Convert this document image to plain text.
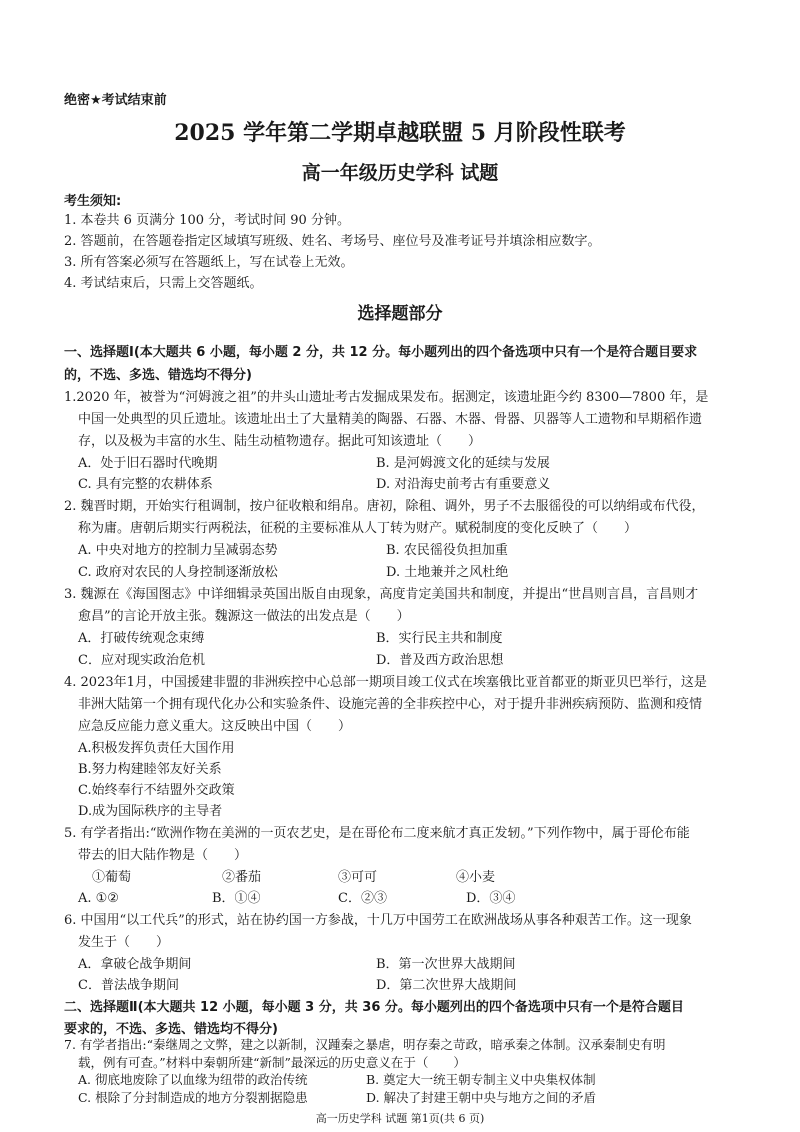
绝密★考试结束前
2025 学年第二学期卓越联盟 5 月阶段性联考
高一年级历史学科 试题
考生须知:
1. 本卷共 6 页满分 100 分，考试时间 90 分钟。
2. 答题前，在答题卷指定区域填写班级、姓名、考场号、座位号及准考证号并填涂相应数字。
3. 所有答案必须写在答题纸上，写在试卷上无效。
4. 考试结束后，只需上交答题纸。
选择题部分
一、选择题Ⅰ(本大题共 6 小题，每小题 2 分，共 12 分。每小题列出的四个备选项中只有一个是符合题目要求
的，不选、多选、错选均不得分)
1.2020 年，被誉为“河姆渡之祖”的井头山遗址考古发掘成果发布。据测定，该遗址距今约 8300—7800 年，是
中国一处典型的贝丘遗址。该遗址出土了大量精美的陶器、石器、木器、骨器、贝器等人工遗物和早期稻作遗
存，以及极为丰富的水生、陆生动植物遗存。据此可知该遗址（　　）
A．处于旧石器时代晚期	B. 是河姆渡文化的延续与发展
C. 具有完整的农耕体系	D. 对沿海史前考古有重要意义
2. 魏晋时期，开始实行租调制，按户征收粮和绢帛。唐初，除租、调外，男子不去服徭役的可以纳绢或布代役，
称为庸。唐朝后期实行两税法，征税的主要标准从人丁转为财产。赋税制度的变化反映了（　　）
A. 中央对地方的控制力呈减弱态势	B. 农民徭役负担加重
C. 政府对农民的人身控制逐渐放松	D. 土地兼并之风杜绝
3. 魏源在《海国图志》中详细辑录英国出版自由现象，高度肯定美国共和制度，并提出“世昌则言昌，言昌则才
愈昌”的言论开放主张。魏源这一做法的出发点是（　　）
A．打破传统观念束缚	B．实行民主共和制度
C．应对现实政治危机	D．普及西方政治思想
4. 2023年1月，中国援建非盟的非洲疾控中心总部一期项目竣工仪式在埃塞俄比亚首都亚的斯亚贝巴举行，这是
非洲大陆第一个拥有现代化办公和实验条件、设施完善的全非疾控中心，对于提升非洲疾病预防、监测和疫情
应急反应能力意义重大。这反映出中国（　　）
A.积极发挥负责任大国作用
B.努力构建睦邻友好关系
C.始终奉行不结盟外交政策
D.成为国际秩序的主导者
5. 有学者指出:“欧洲作物在美洲的一页农艺史，是在哥伦布二度来航才真正发轫。”下列作物中，属于哥伦布能
带去的旧大陆作物是（　　）
①葡萄	②番茄	③可可	④小麦
A. ①②	B．①④	C．②③	D．③④
6. 中国用“以工代兵”的形式，站在协约国一方参战，十几万中国劳工在欧洲战场从事各种艰苦工作。这一现象
发生于（　　）
A．拿破仑战争期间	B．第一次世界大战期间
C．普法战争期间	D．第二次世界大战期间
二、选择题Ⅱ(本大题共 12 小题，每小题 3 分，共 36 分。每小题列出的四个备选项中只有一个是符合题目
要求的，不选、多选、错选均不得分)
7. 有学者指出:“秦继周之文弊，建之以新制，汉踵秦之暴虐，明存秦之苛政，暗承秦之体制。汉承秦制史有明
载，例有可查。”材料中秦朝所建“新制”最深远的历史意义在于（　　）
高一历史学科 试题 第1页(共 6 页)
A. 彻底地废除了以血缘为纽带的政治传统	B. 奠定大一统王朝专制主义中央集权体制
C. 根除了分封制造成的地方分裂割据隐患	D. 解决了封建王朝中央与地方之间的矛盾
